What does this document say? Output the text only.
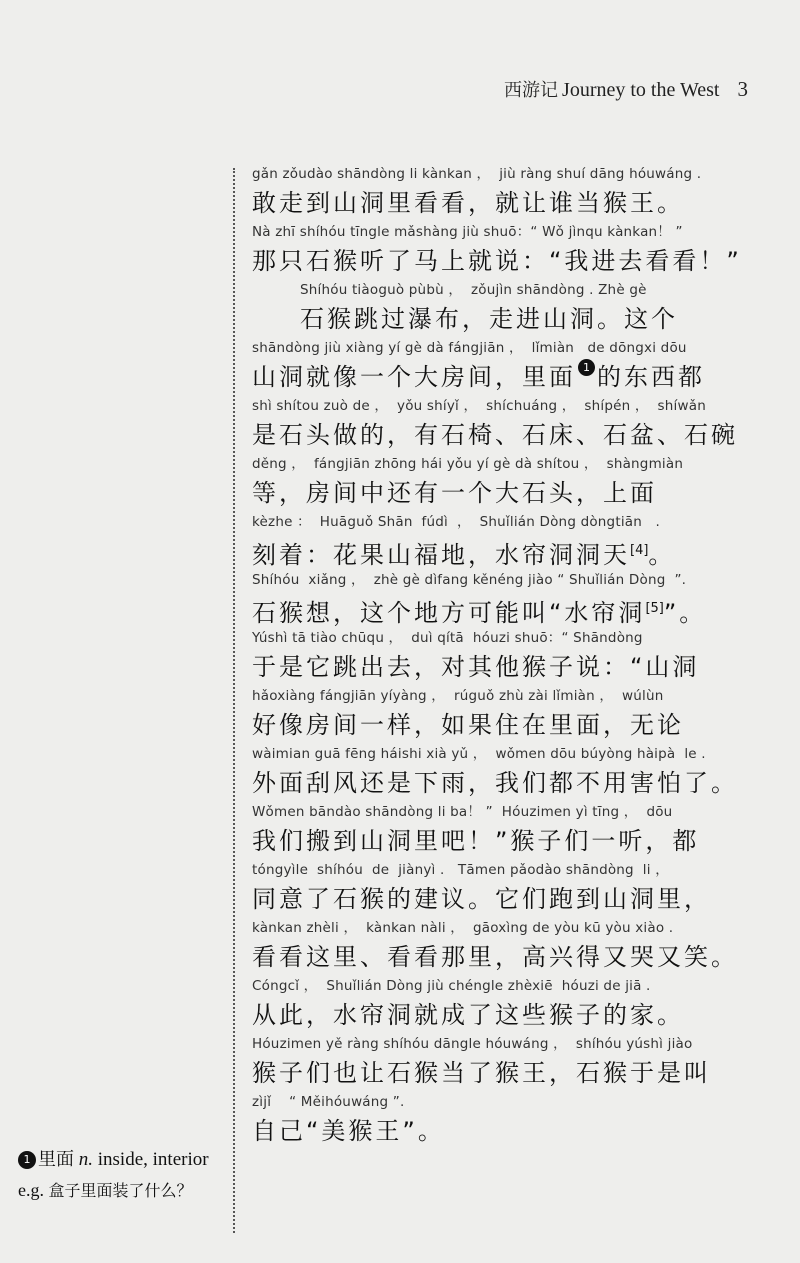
西游记 Journey to the West 3
gǎn zǒudào shāndòng li kànkan ，  jiù ràng shuí dāng hóuwáng .
敢走到山洞里看看，就让谁当猴王。
Nà zhī shíhóu tīngle mǎshàng jiù shuō：“ Wǒ jìnqu kànkan！ ”
那只石猴听了马上就说：“我进去看看！”
Shíhóu tiàoguò pùbù ，  zǒujìn shāndòng . Zhè gè
石猴跳过瀑布，走进山洞。这个
shāndòng jiù xiàng yí gè dà fángjiān ，  lǐmiàn   de dōngxi dōu
山洞就像一个大房间，里面 1 的东西都
shì shítou zuò de ，  yǒu shíyǐ ，  shíchuáng ，  shípén ，  shíwǎn
是石头做的，有石椅、石床、石盆、石碗
děng ，  fángjiān zhōng hái yǒu yí gè dà shítou ，  shàngmiàn
等，房间中还有一个大石头，上面
kèzhe ：  Huāguǒ Shān  fúdì  ，  Shuǐlián Dòng dòngtiān   .
刻着：花果山福地，水帘洞洞天[4]。
Shíhóu  xiǎng ，  zhè gè dìfang kěnéng jiào “ Shuǐlián Dòng  ”.
石猴想，这个地方可能叫“水帘洞[5]”。
Yúshì tā tiào chūqu ，  duì qítā  hóuzi shuō：“ Shāndòng
于是它跳出去，对其他猴子说：“山洞
hǎoxiàng fángjiān yíyàng ，  rúguǒ zhù zài lǐmiàn ，  wúlùn
好像房间一样，如果住在里面，无论
wàimian guā fēng háishi xià yǔ ，  wǒmen dōu búyòng hàipà  le .
外面刮风还是下雨，我们都不用害怕了。
Wǒmen bāndào shāndòng li ba！ ”  Hóuzimen yì tīng ，  dōu
我们搬到山洞里吧！”猴子们一听，都
tóngyìle  shíhóu  de  jiànyì .   Tāmen pǎodào shāndòng  li ，
同意了石猴的建议。它们跑到山洞里，
kànkan zhèli ，  kànkan nàli ，  gāoxìng de yòu kū yòu xiào .
看看这里、看看那里，高兴得又哭又笑。
Cóngcǐ ，  Shuǐlián Dòng jiù chéngle zhèxiē  hóuzi de jiā .
从此，水帘洞就成了这些猴子的家。
Hóuzimen yě ràng shíhóu dāngle hóuwáng ，  shíhóu yúshì jiào
猴子们也让石猴当了猴王，石猴于是叫
zìjǐ    “ Měihóuwáng ”.
自己“美猴王”。
1 里面 n. inside, interior
e.g. 盒子里面装了什么？
